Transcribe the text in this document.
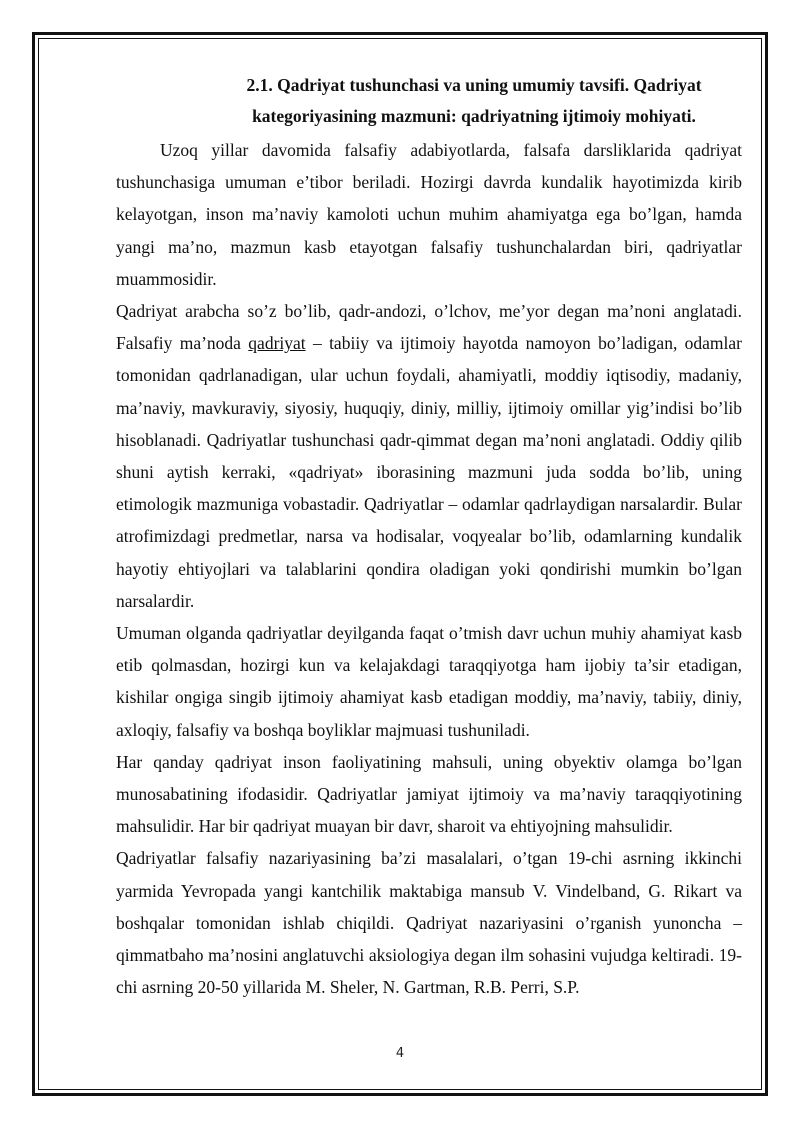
2.1. Qadriyat tushunchasi va uning umumiy tavsifi. Qadriyat
kategoriyasining mazmuni: qadriyatning ijtimoiy mohiyati.

Uzoq yillar davomida falsafiy adabiyotlarda, falsafa darsliklarida qadriyat tushunchasiga umuman e’tibor beriladi. Hozirgi davrda kundalik hayotimizda kirib kelayotgan, inson ma’naviy kamoloti uchun muhim ahamiyatga ega bo’lgan, hamda yangi ma’no, mazmun kasb etayotgan falsafiy tushunchalardan biri, qadriyatlar muammosidir.

Qadriyat arabcha so’z bo’lib, qadr-andozi, o’lchov, me’yor degan ma’noni anglatadi. Falsafiy ma’noda qadriyat – tabiiy va ijtimoiy hayotda namoyon bo’ladigan, odamlar tomonidan qadrlanadigan, ular uchun foydali, ahamiyatli, moddiy iqtisodiy, madaniy, ma’naviy, mavkuraviy, siyosiy, huquqiy, diniy, milliy, ijtimoiy omillar yig’indisi bo’lib hisoblanadi. Qadriyatlar tushunchasi qadr-qimmat degan ma’noni anglatadi. Oddiy qilib shuni aytish kerraki, «qadriyat» iborasining mazmuni juda sodda bo’lib, uning etimologik mazmuniga vobastadir. Qadriyatlar – odamlar qadrlaydigan narsalardir. Bular atrofimizdagi predmetlar, narsa va hodisalar, voqyealar bo’lib, odamlarning kundalik hayotiy ehtiyojlari va talablarini qondira oladigan yoki qondirishi mumkin bo’lgan narsalardir.

Umuman olganda qadriyatlar deyilganda faqat o’tmish davr uchun muhiy ahamiyat kasb etib qolmasdan, hozirgi kun va kelajakdagi taraqqiyotga ham ijobiy ta’sir etadigan, kishilar ongiga singib ijtimoiy ahamiyat kasb etadigan moddiy, ma’naviy, tabiiy, diniy, axloqiy, falsafiy va boshqa boyliklar majmuasi tushuniladi.

Har qanday qadriyat inson faoliyatining mahsuli, uning obyektiv olamga bo’lgan munosabatining ifodasidir. Qadriyatlar jamiyat ijtimoiy va ma’naviy taraqqiyotining mahsulidir. Har bir qadriyat muayan bir davr, sharoit va ehtiyojning mahsulidir.

Qadriyatlar falsafiy nazariyasining ba’zi masalalari, o’tgan 19-chi asrning ikkinchi yarmida Yevropada yangi kantchilik maktabiga mansub V. Vindelband, G. Rikart va boshqalar tomonidan ishlab chiqildi. Qadriyat nazariyasini o’rganish yunoncha – qimmatbaho ma’nosini anglatuvchi aksiologiya degan ilm sohasini vujudga keltiradi. 19-chi asrning 20-50 yillarida M. Sheler, N. Gartman, R.B. Perri, S.P.

4
